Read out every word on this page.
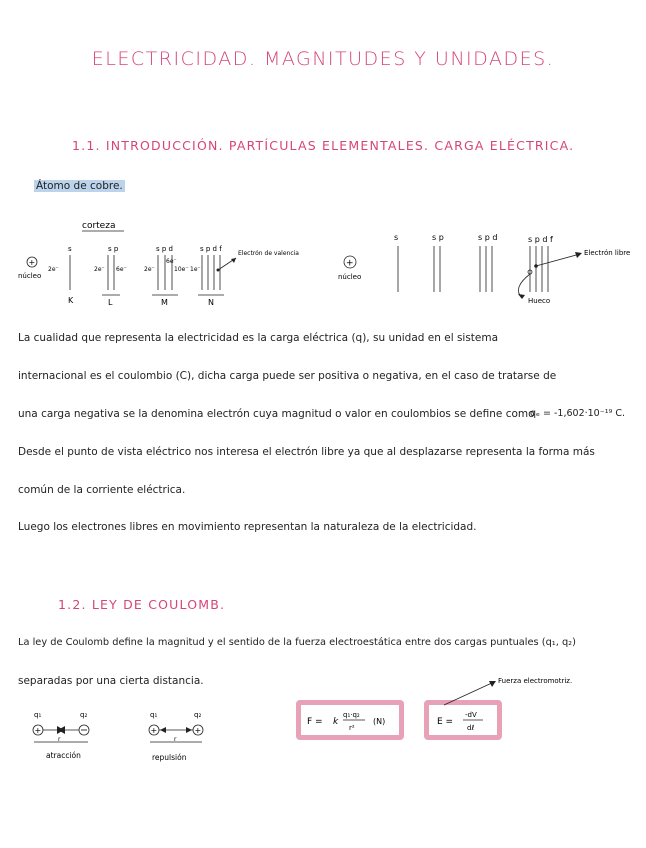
ELECTRICIDAD. MAGNITUDES Y UNIDADES.
1.1. INTRODUCCIÓN. PARTÍCULAS ELEMENTALES. CARGA ELÉCTRICA.
Átomo de cobre.
corteza
+
núcleo
s	s p	s p d	s p d f
2e⁻	2e⁻ 6e⁻	2e⁻	10e⁻ 1e⁻
6e⁻
K	L	M	N
Electrón de valencia
+
núcleo
s	s p	s p d	s p d f
Electrón libre
Hueco
La cualidad que representa la electricidad es la carga eléctrica (q), su unidad en el sistema
internacional es el coulombio (C), dicha carga puede ser positiva o negativa, en el caso de tratarse de
una carga negativa se la denomina electrón cuya magnitud o valor en coulombios se define como
qₑ = -1,602·10⁻¹⁹ C.
Desde el punto de vista eléctrico nos interesa el electrón libre ya que al desplazarse representa la forma más
común de la corriente eléctrica.
Luego los electrones libres en movimiento representan la naturaleza de la electricidad.
1.2. LEY DE COULOMB.
La ley de Coulomb define la magnitud y el sentido de la fuerza electroestática entre dos cargas puntuales (q₁, q₂)
separadas por una cierta distancia.
q₁	q₂
+
r
atracción
q₁	q₂
+	+
r
repulsión
F = k
q₁·q₂
r²
(N)	E =
-dV
dℓ
Fuerza electromotriz.
